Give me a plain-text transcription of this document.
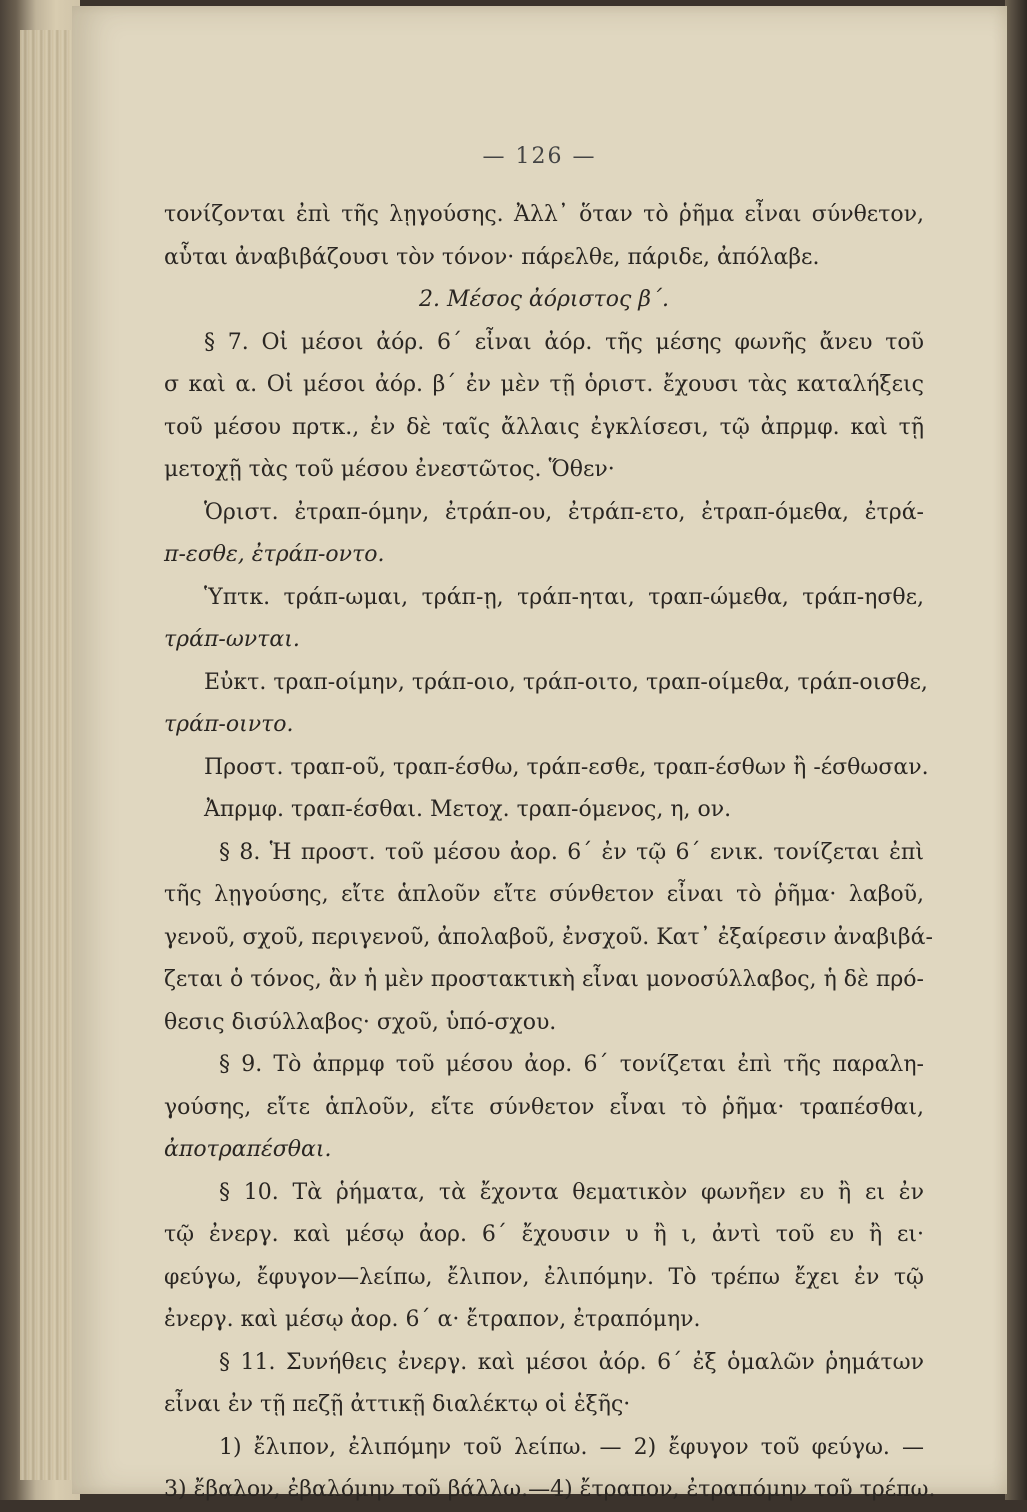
— 126 —
τονίζονται ἐπὶ τῆς λῃγούσης. Ἀλλ᾽ ὅταν τὸ ῥῆμα εἶναι σύνθετον,
αὗται ἀναβιβάζουσι τὸν τόνον· πάρελθε, πάριδε, ἀπόλαβε.
2. Μέσος ἀόριστος β΄.
§ 7. Οἱ μέσοι ἀόρ. 6΄ εἶναι ἀόρ. τῆς μέσης φωνῆς ἄνευ τοῦ
σ καὶ α. Οἱ μέσοι ἀόρ. β΄ ἐν μὲν τῇ ὁριστ. ἔχουσι τὰς καταλήξεις
τοῦ μέσου πρτκ., ἐν δὲ ταῖς ἄλλαις ἐγκλίσεσι, τῷ ἀπρμφ. καὶ τῇ
μετοχῇ τὰς τοῦ μέσου ἐνεστῶτος. Ὅθεν·
Ὁριστ. ἐτραπ-όμην, ἐτράπ-ου, ἐτράπ-ετο, ἐτραπ-όμεθα, ἐτρά-
π-εσθε, ἐτράπ-οντο.
Ὑπτκ. τράπ-ωμαι, τράπ-ῃ, τράπ-ηται, τραπ-ώμεθα, τράπ-ησθε,
τράπ-ωνται.
Εὐκτ. τραπ-οίμην, τράπ-οιο, τράπ-οιτο, τραπ-οίμεθα, τράπ-οισθε,
τράπ-οιντο.
Προστ. τραπ-οῦ, τραπ-έσθω, τράπ-εσθε, τραπ-έσθων ἢ -έσθωσαν.
Ἀπρμφ. τραπ-έσθαι. Μετοχ. τραπ-όμενος, η, ον.
§ 8. Ἡ προστ. τοῦ μέσου ἀορ. 6΄ ἐν τῷ 6΄ ενικ. τονίζεται ἐπὶ
τῆς λῃγούσης, εἴτε ἁπλοῦν εἴτε σύνθετον εἶναι τὸ ῥῆμα· λαβοῦ,
γενοῦ, σχοῦ, περιγενοῦ, ἀπολαβοῦ, ἐνσχοῦ. Κατ᾽ ἐξαίρεσιν ἀναβιβά-
ζεται ὁ τόνος, ἂν ἡ μὲν προστακτικὴ εἶναι μονοσύλλαβος, ἡ δὲ πρό-
θεσις δισύλλαβος· σχοῦ, ὑπό-σχου.
§ 9. Τὸ ἀπρμφ τοῦ μέσου ἀορ. 6΄ τονίζεται ἐπὶ τῆς παραλη-
γούσης, εἴτε ἁπλοῦν, εἴτε σύνθετον εἶναι τὸ ῥῆμα· τραπέσθαι,
ἀποτραπέσθαι.
§ 10. Τὰ ῥήματα, τὰ ἔχοντα θεματικὸν φωνῆεν ευ ἢ ει ἐν
τῷ ἐνεργ. καὶ μέσῳ ἀορ. 6΄ ἔχουσιν υ ἢ ι, ἀντὶ τοῦ ευ ἢ ει·
φεύγω, ἔφυγον—λείπω, ἔλιπον, ἐλιπόμην. Τὸ τρέπω ἔχει ἐν τῷ
ἐνεργ. καὶ μέσῳ ἀορ. 6΄ α· ἔτραπον, ἐτραπόμην.
§ 11. Συνήθεις ἐνεργ. καὶ μέσοι ἀόρ. 6΄ ἐξ ὁμαλῶν ῥημάτων
εἶναι ἐν τῇ πεζῇ ἀττικῇ διαλέκτῳ οἱ ἑξῆς·
1) ἔλιπον, ἐλιπόμην τοῦ λείπω. — 2) ἔφυγον τοῦ φεύγω. —
3) ἔβαλον, ἐβαλόμην τοῦ βάλλω.—4) ἔτραπον, ἐτραπόμην τοῦ τρέπω.
